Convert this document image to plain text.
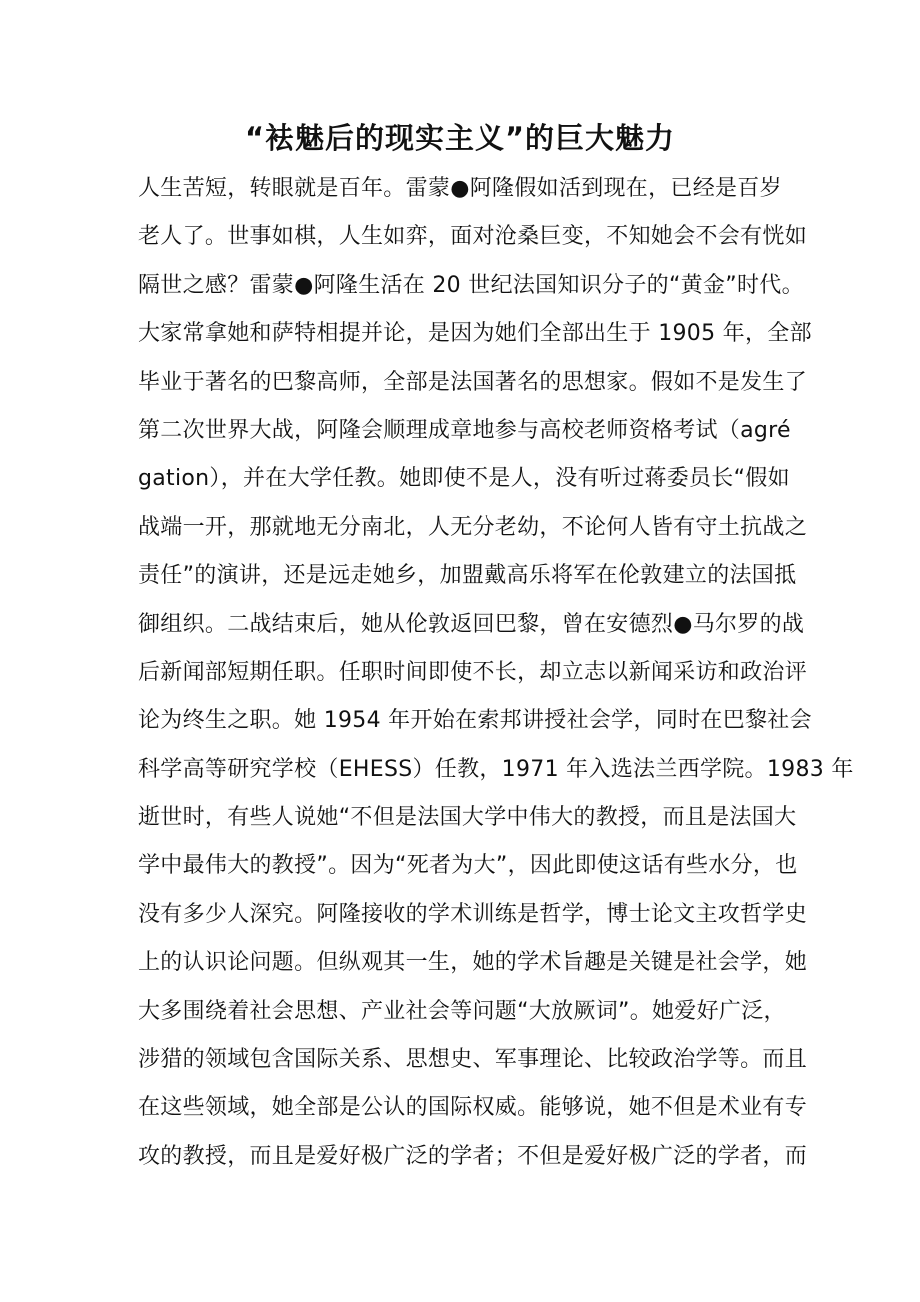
“袪魅后的现实主义”的巨大魅力
人生苦短，转眼就是百年。雷蒙●阿隆假如活到现在，已经是百岁
老人了。世事如棋，人生如弈，面对沧桑巨变，不知她会不会有恍如
隔世之感？雷蒙●阿隆生活在 20 世纪法国知识分子的“黄金”时代。
大家常拿她和萨特相提并论，是因为她们全部出生于 1905 年，全部
毕业于著名的巴黎高师，全部是法国著名的思想家。假如不是发生了
第二次世界大战，阿隆会顺理成章地参与高校老师资格考试（agré
gation），并在大学任教。她即使不是人，没有听过蒋委员长“假如
战端一开，那就地无分南北，人无分老幼，不论何人皆有守土抗战之
责任”的演讲，还是远走她乡，加盟戴高乐将军在伦敦建立的法国抵
御组织。二战结束后，她从伦敦返回巴黎，曾在安德烈●马尔罗的战
后新闻部短期任职。任职时间即使不长，却立志以新闻采访和政治评
论为终生之职。她 1954 年开始在索邦讲授社会学，同时在巴黎社会
科学高等研究学校（EHESS）任教，1971 年入选法兰西学院。1983 年
逝世时，有些人说她“不但是法国大学中伟大的教授，而且是法国大
学中最伟大的教授”。因为“死者为大”，因此即使这话有些水分，也
没有多少人深究。阿隆接收的学术训练是哲学，博士论文主攻哲学史
上的认识论问题。但纵观其一生，她的学术旨趣是关键是社会学，她
大多围绕着社会思想、产业社会等问题“大放厥词”。她爱好广泛，
涉猎的领域包含国际关系、思想史、军事理论、比较政治学等。而且
在这些领域，她全部是公认的国际权威。能够说，她不但是术业有专
攻的教授，而且是爱好极广泛的学者；不但是爱好极广泛的学者，而
